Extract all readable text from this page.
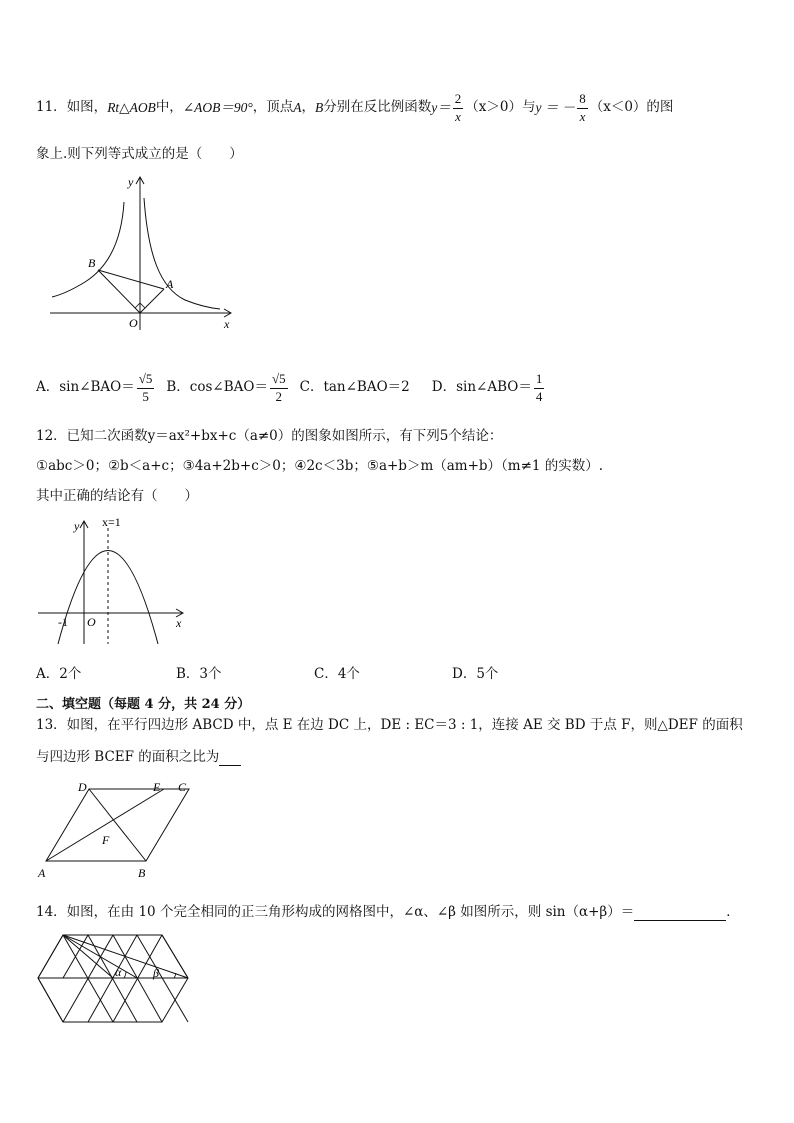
11． 如图， Rt△AOB 中， ∠AOB＝90° ，顶点 A ， B 分别在反比例函数 $y= \frac{2}{x} (x>0)$ 与 y ＝ － $\frac{8}{x} (x<0)$ 的图
象上.则下列等式成立的是（　　）
y
x
O
B
A
A．sin∠BAO＝ $\frac{√5}{5}$ B．cos∠BAO＝ $\frac{√5}{2}$ C．tan∠BAO＝2 D．sin∠ABO＝ $\frac{1}{4}$
12．已知二次函数y＝ax²+bx+c（a≠0）的图象如图所示，有下列5个结论：
①abc＞0；②b＜a+c；③4a+2b+c＞0；④2c＜3b；⑤a+b＞m（am+b）（m≠1 的实数）.
其中正确的结论有（　　）
y x=1
-1 O	x
A．2个	B．3个	C．4个	D．5个
二、填空题（每题 4 分，共 24 分）
13．如图，在平行四边形 ABCD 中，点 E 在边 DC 上，DE : EC＝3 : 1，连接 AE 交 BD 于点 F，则△DEF 的面积
与四边形 BCEF 的面积之比为
D	E C
F
A	B
14．如图，在由 10 个完全相同的正三角形构成的网格图中，∠α、∠β 如图所示，则 sin（α+β）＝	．
α	β
